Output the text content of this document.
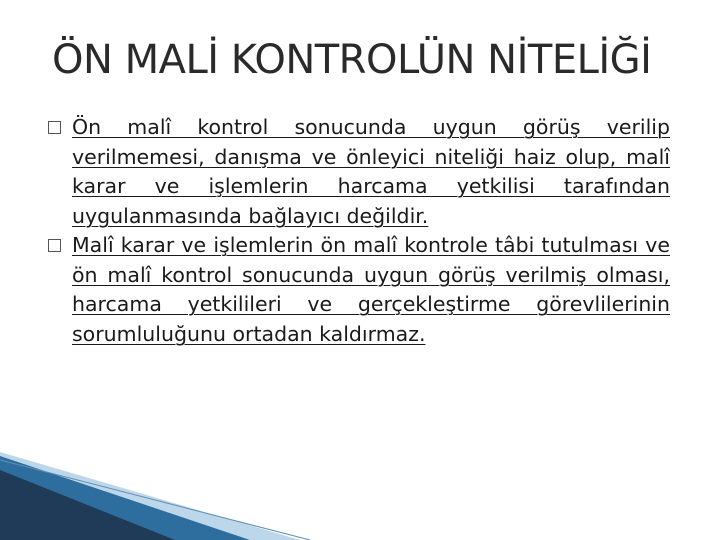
ÖN MALİ KONTROLÜN NİTELİĞİ
Ön malî kontrol sonucunda uygun görüş verilip verilmemesi, danışma ve önleyici niteliği haiz olup, malî karar ve işlemlerin harcama yetkilisi tarafından uygulanmasında bağlayıcı değildir.
Malî karar ve işlemlerin ön malî kontrole tâbi tutulması ve ön malî kontrol sonucunda uygun görüş verilmiş olması, harcama yetkilileri ve gerçekleştirme görevlilerinin sorumluluğunu ortadan kaldırmaz.
